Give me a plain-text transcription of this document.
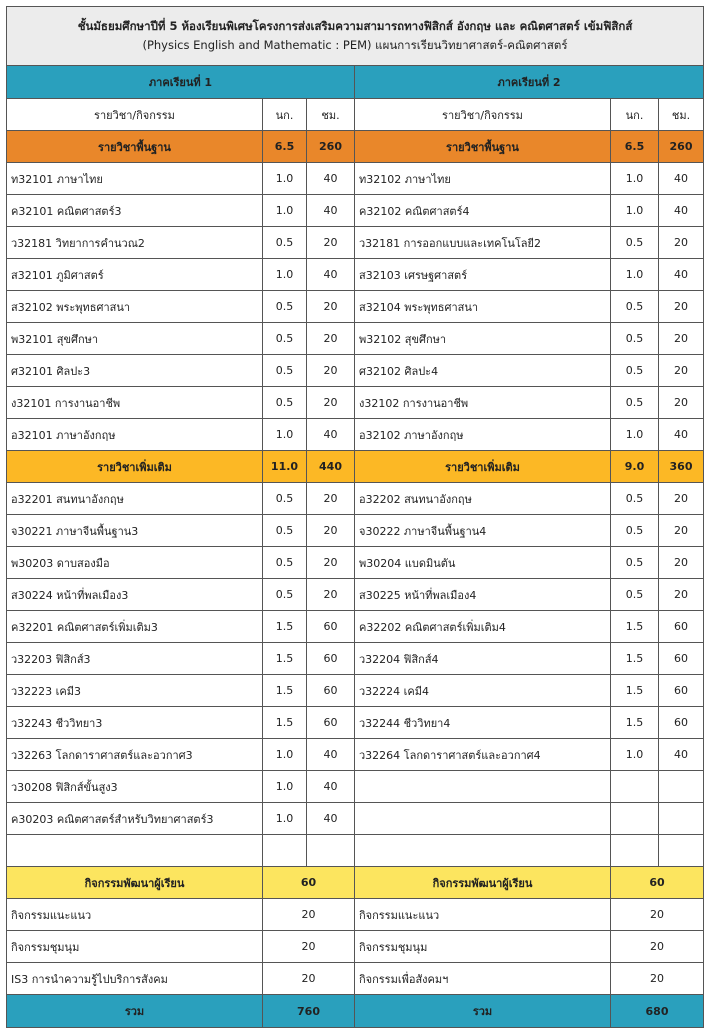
ชั้นมัธยมศึกษาปีที่ 5 ห้องเรียนพิเศษโครงการส่งเสริมความสามารถทางฟิสิกส์ อังกฤษ และ คณิตศาสตร์ เข้มฟิสิกส์
(Physics English and Mathematic : PEM) แผนการเรียนวิทยาศาสตร์-คณิตศาสตร์					

ภาคเรียนที่ 1			ภาคเรียนที่ 2		
รายวิชา/กิจกรรม	นก.	ชม.	รายวิชา/กิจกรรม	นก.	ชม.
รายวิชาพื้นฐาน	6.5	260	รายวิชาพื้นฐาน	6.5	260
ท32101 ภาษาไทย	1.0	40	ท32102 ภาษาไทย	1.0	40
ค32101 คณิตศาสตร์3	1.0	40	ค32102 คณิตศาสตร์4	1.0	40
ว32181 วิทยาการคำนวณ2	0.5	20	ว32181 การออกแบบและเทคโนโลยี2	0.5	20
ส32101 ภูมิศาสตร์	1.0	40	ส32103 เศรษฐศาสตร์	1.0	40
ส32102 พระพุทธศาสนา	0.5	20	ส32104 พระพุทธศาสนา	0.5	20
พ32101 สุขศึกษา	0.5	20	พ32102 สุขศึกษา	0.5	20
ศ32101 ศิลปะ3	0.5	20	ศ32102 ศิลปะ4	0.5	20
ง32101 การงานอาชีพ	0.5	20	ง32102 การงานอาชีพ	0.5	20
อ32101 ภาษาอังกฤษ	1.0	40	อ32102 ภาษาอังกฤษ	1.0	40
รายวิชาเพิ่มเติม	11.0	440	รายวิชาเพิ่มเติม	9.0	360
อ32201 สนทนาอังกฤษ	0.5	20	อ32202 สนทนาอังกฤษ	0.5	20
จ30221 ภาษาจีนพื้นฐาน3	0.5	20	จ30222 ภาษาจีนพื้นฐาน4	0.5	20
พ30203 ดาบสองมือ	0.5	20	พ30204 แบดมินตัน	0.5	20
ส30224 หน้าที่พลเมือง3	0.5	20	ส30225 หน้าที่พลเมือง4	0.5	20
ค32201 คณิตศาสตร์เพิ่มเติม3	1.5	60	ค32202 คณิตศาสตร์เพิ่มเติม4	1.5	60
ว32203 ฟิสิกส์3	1.5	60	ว32204 ฟิสิกส์4	1.5	60
ว32223 เคมี3	1.5	60	ว32224 เคมี4	1.5	60
ว32243 ชีววิทยา3	1.5	60	ว32244 ชีววิทยา4	1.5	60
ว32263 โลกดาราศาสตร์และอวกาศ3	1.0	40	ว32264 โลกดาราศาสตร์และอวกาศ4	1.0	40
ว30208 ฟิสิกส์ขั้นสูง3	1.0	40			
ค30203 คณิตศาสตร์สำหรับวิทยาศาสตร์3	1.0	40			

กิจกรรมพัฒนาผู้เรียน	60		กิจกรรมพัฒนาผู้เรียน	60	
กิจกรรมแนะแนว	20		กิจกรรมแนะแนว	20	
กิจกรรมชุมนุม	20		กิจกรรมชุมนุม	20	
IS3 การนำความรู้ไปบริการสังคม	20		กิจกรรมเพื่อสังคมฯ	20	
รวม	760		รวม	680	
